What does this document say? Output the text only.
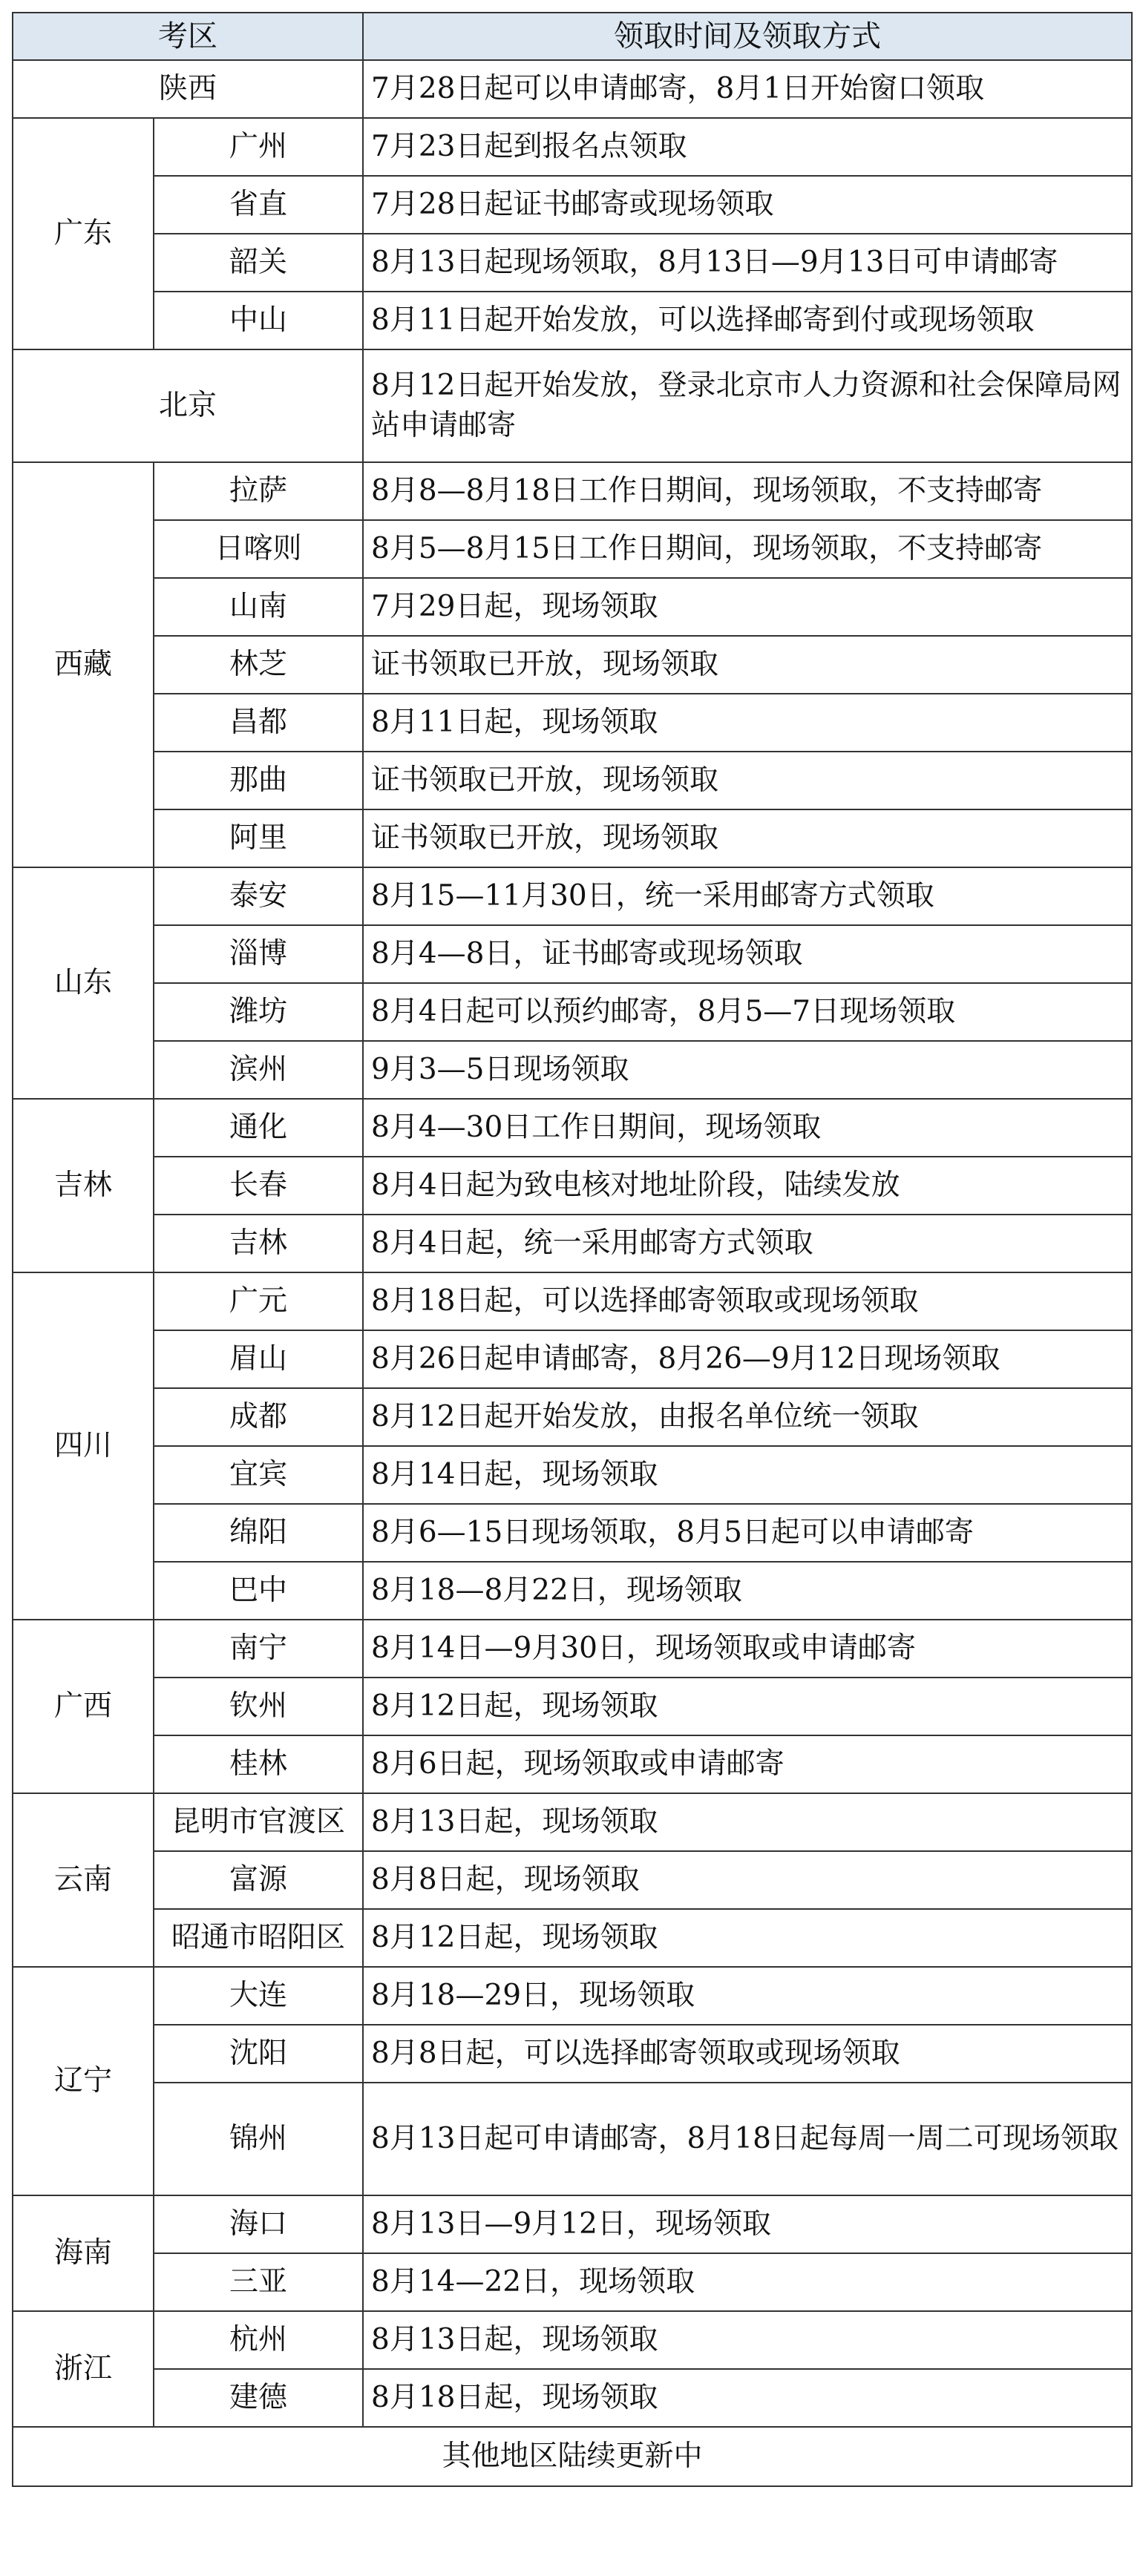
考区		领取时间及领取方式
陕西		7月28日起可以申请邮寄，8月1日开始窗口领取
广东	广州	7月23日起到报名点领取
	省直	7月28日起证书邮寄或现场领取
	韶关	8月13日起现场领取，8月13日—9月13日可申请邮寄
	中山	8月11日起开始发放，可以选择邮寄到付或现场领取
北京		8月12日起开始发放，登录北京市人力资源和社会保障局网站申请邮寄
西藏	拉萨	8月8—8月18日工作日期间，现场领取，不支持邮寄
	日喀则	8月5—8月15日工作日期间，现场领取，不支持邮寄
	山南	7月29日起，现场领取
	林芝	证书领取已开放，现场领取
	昌都	8月11日起，现场领取
	那曲	证书领取已开放，现场领取
	阿里	证书领取已开放，现场领取
山东	泰安	8月15—11月30日，统一采用邮寄方式领取
	淄博	8月4—8日，证书邮寄或现场领取
	潍坊	8月4日起可以预约邮寄，8月5—7日现场领取
	滨州	9月3—5日现场领取
吉林	通化	8月4—30日工作日期间，现场领取
	长春	8月4日起为致电核对地址阶段，陆续发放
	吉林	8月4日起，统一采用邮寄方式领取
四川	广元	8月18日起，可以选择邮寄领取或现场领取
	眉山	8月26日起申请邮寄，8月26—9月12日现场领取
	成都	8月12日起开始发放，由报名单位统一领取
	宜宾	8月14日起，现场领取
	绵阳	8月6—15日现场领取，8月5日起可以申请邮寄
	巴中	8月18—8月22日，现场领取
广西	南宁	8月14日—9月30日，现场领取或申请邮寄
	钦州	8月12日起，现场领取
	桂林	8月6日起，现场领取或申请邮寄
云南	昆明市官渡区	8月13日起，现场领取
	富源	8月8日起，现场领取
	昭通市昭阳区	8月12日起，现场领取
辽宁	大连	8月18—29日，现场领取
	沈阳	8月8日起，可以选择邮寄领取或现场领取
	锦州	8月13日起可申请邮寄，8月18日起每周一周二可现场领取
海南	海口	8月13日—9月12日，现场领取
	三亚	8月14—22日，现场领取
浙江	杭州	8月13日起，现场领取
	建德	8月18日起，现场领取
其他地区陆续更新中		
